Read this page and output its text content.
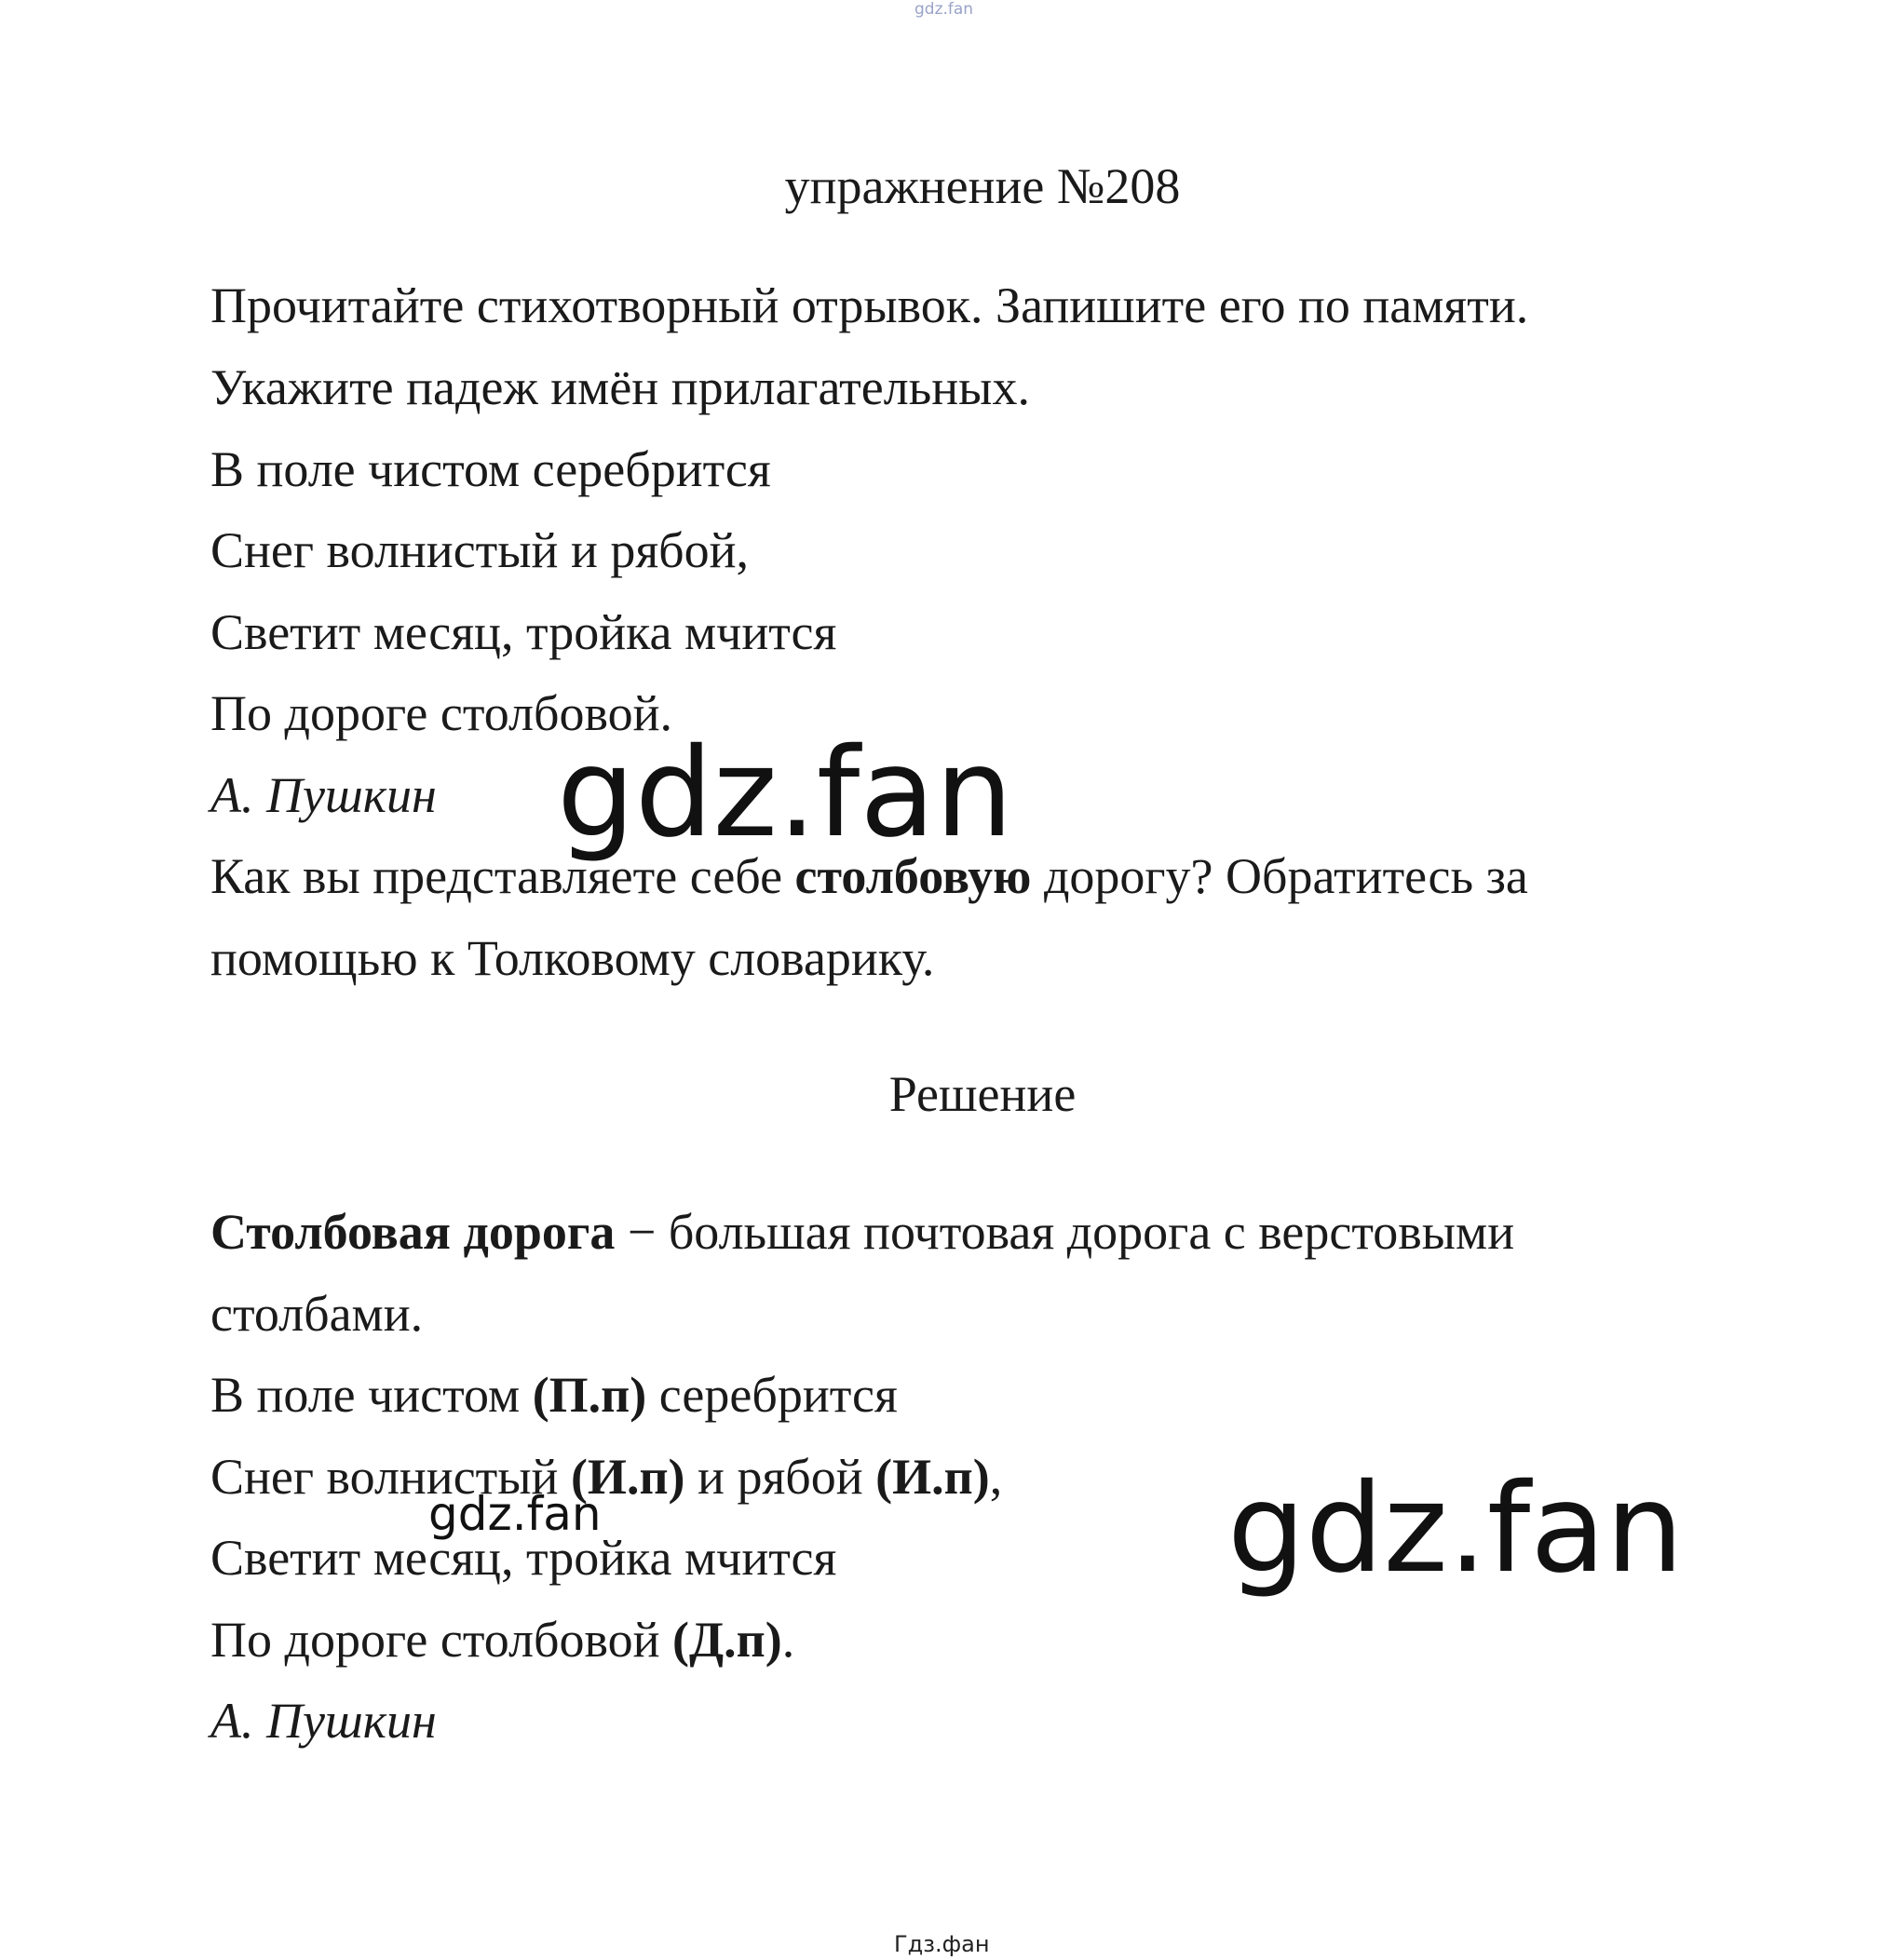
gdz.fan
упражнение №208
Прочитайте стихотворный отрывок. Запишите его по памяти.
Укажите падеж имён прилагательных.
В поле чистом серебрится
Снег волнистый и рябой,
Светит месяц, тройка мчится
По дороге столбовой.
А. Пушкин
Как вы представляете себе столбовую дорогу? Обратитесь за
помощью к Толковому словарику.
Решение
Столбовая дорога − большая почтовая дорога с верстовыми
столбами.
В поле чистом (П.п) серебрится
Снег волнистый (И.п) и рябой (И.п),
Светит месяц, тройка мчится
По дороге столбовой (Д.п).
А. Пушкин
gdz.fan
gdz.fan
gdz.fan
Гдз.фан
